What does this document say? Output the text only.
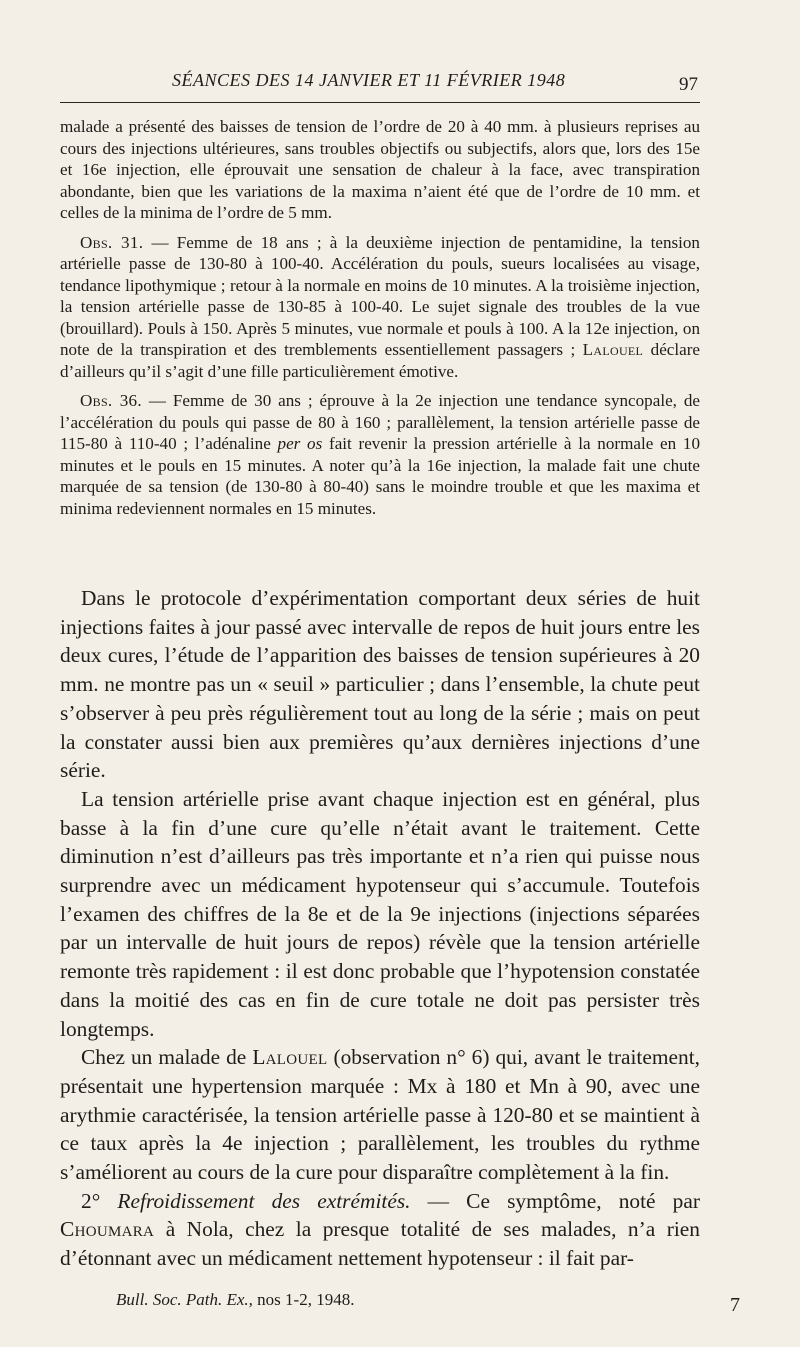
SÉANCES DES 14 JANVIER ET 11 FÉVRIER 1948	97

malade a présenté des baisses de tension de l’ordre de 20 à 40 mm. à plusieurs reprises au cours des injections ultérieures, sans troubles objectifs ou subjectifs, alors que, lors des 15e et 16e injection, elle éprouvait une sensation de chaleur à la face, avec transpiration abondante, bien que les variations de la maxima n’aient été que de l’ordre de 10 mm. et celles de la minima de l’ordre de 5 mm.

Obs. 31. — Femme de 18 ans ; à la deuxième injection de pentamidine, la tension artérielle passe de 130-80 à 100-40. Accélération du pouls, sueurs localisées au visage, tendance lipothymique ; retour à la normale en moins de 10 minutes. A la troisième injection, la tension artérielle passe de 130-85 à 100-40. Le sujet signale des troubles de la vue (brouillard). Pouls à 150. Après 5 minutes, vue normale et pouls à 100. A la 12e injection, on note de la transpiration et des tremblements essentiellement passagers ; Lalouel déclare d’ailleurs qu’il s’agit d’une fille particulièrement émotive.

Obs. 36. — Femme de 30 ans ; éprouve à la 2e injection une tendance syncopale, de l’accélération du pouls qui passe de 80 à 160 ; parallèlement, la tension artérielle passe de 115-80 à 110-40 ; l’adénaline per os fait revenir la pression artérielle à la normale en 10 minutes et le pouls en 15 minutes. A noter qu’à la 16e injection, la malade fait une chute marquée de sa tension (de 130-80 à 80-40) sans le moindre trouble et que les maxima et minima redeviennent normales en 15 minutes.

Dans le protocole d’expérimentation comportant deux séries de huit injections faites à jour passé avec intervalle de repos de huit jours entre les deux cures, l’étude de l’apparition des baisses de tension supérieures à 20 mm. ne montre pas un « seuil » particulier ; dans l’ensemble, la chute peut s’observer à peu près régulièrement tout au long de la série ; mais on peut la constater aussi bien aux premières qu’aux dernières injections d’une série.

La tension artérielle prise avant chaque injection est en général, plus basse à la fin d’une cure qu’elle n’était avant le traitement. Cette diminution n’est d’ailleurs pas très importante et n’a rien qui puisse nous surprendre avec un médicament hypotenseur qui s’accumule. Toutefois l’examen des chiffres de la 8e et de la 9e injections (injections séparées par un intervalle de huit jours de repos) révèle que la tension artérielle remonte très rapidement : il est donc probable que l’hypotension constatée dans la moitié des cas en fin de cure totale ne doit pas persister très longtemps.

Chez un malade de Lalouel (observation n° 6) qui, avant le traitement, présentait une hypertension marquée : Mx à 180 et Mn à 90, avec une arythmie caractérisée, la tension artérielle passe à 120-80 et se maintient à ce taux après la 4e injection ; parallèlement, les troubles du rythme s’améliorent au cours de la cure pour disparaître complètement à la fin.

2° Refroidissement des extrémités. — Ce symptôme, noté par Choumara à Nola, chez la presque totalité de ses malades, n’a rien d’étonnant avec un médicament nettement hypotenseur : il fait par-

Bull. Soc. Path. Ex., nos 1-2, 1948.	7
